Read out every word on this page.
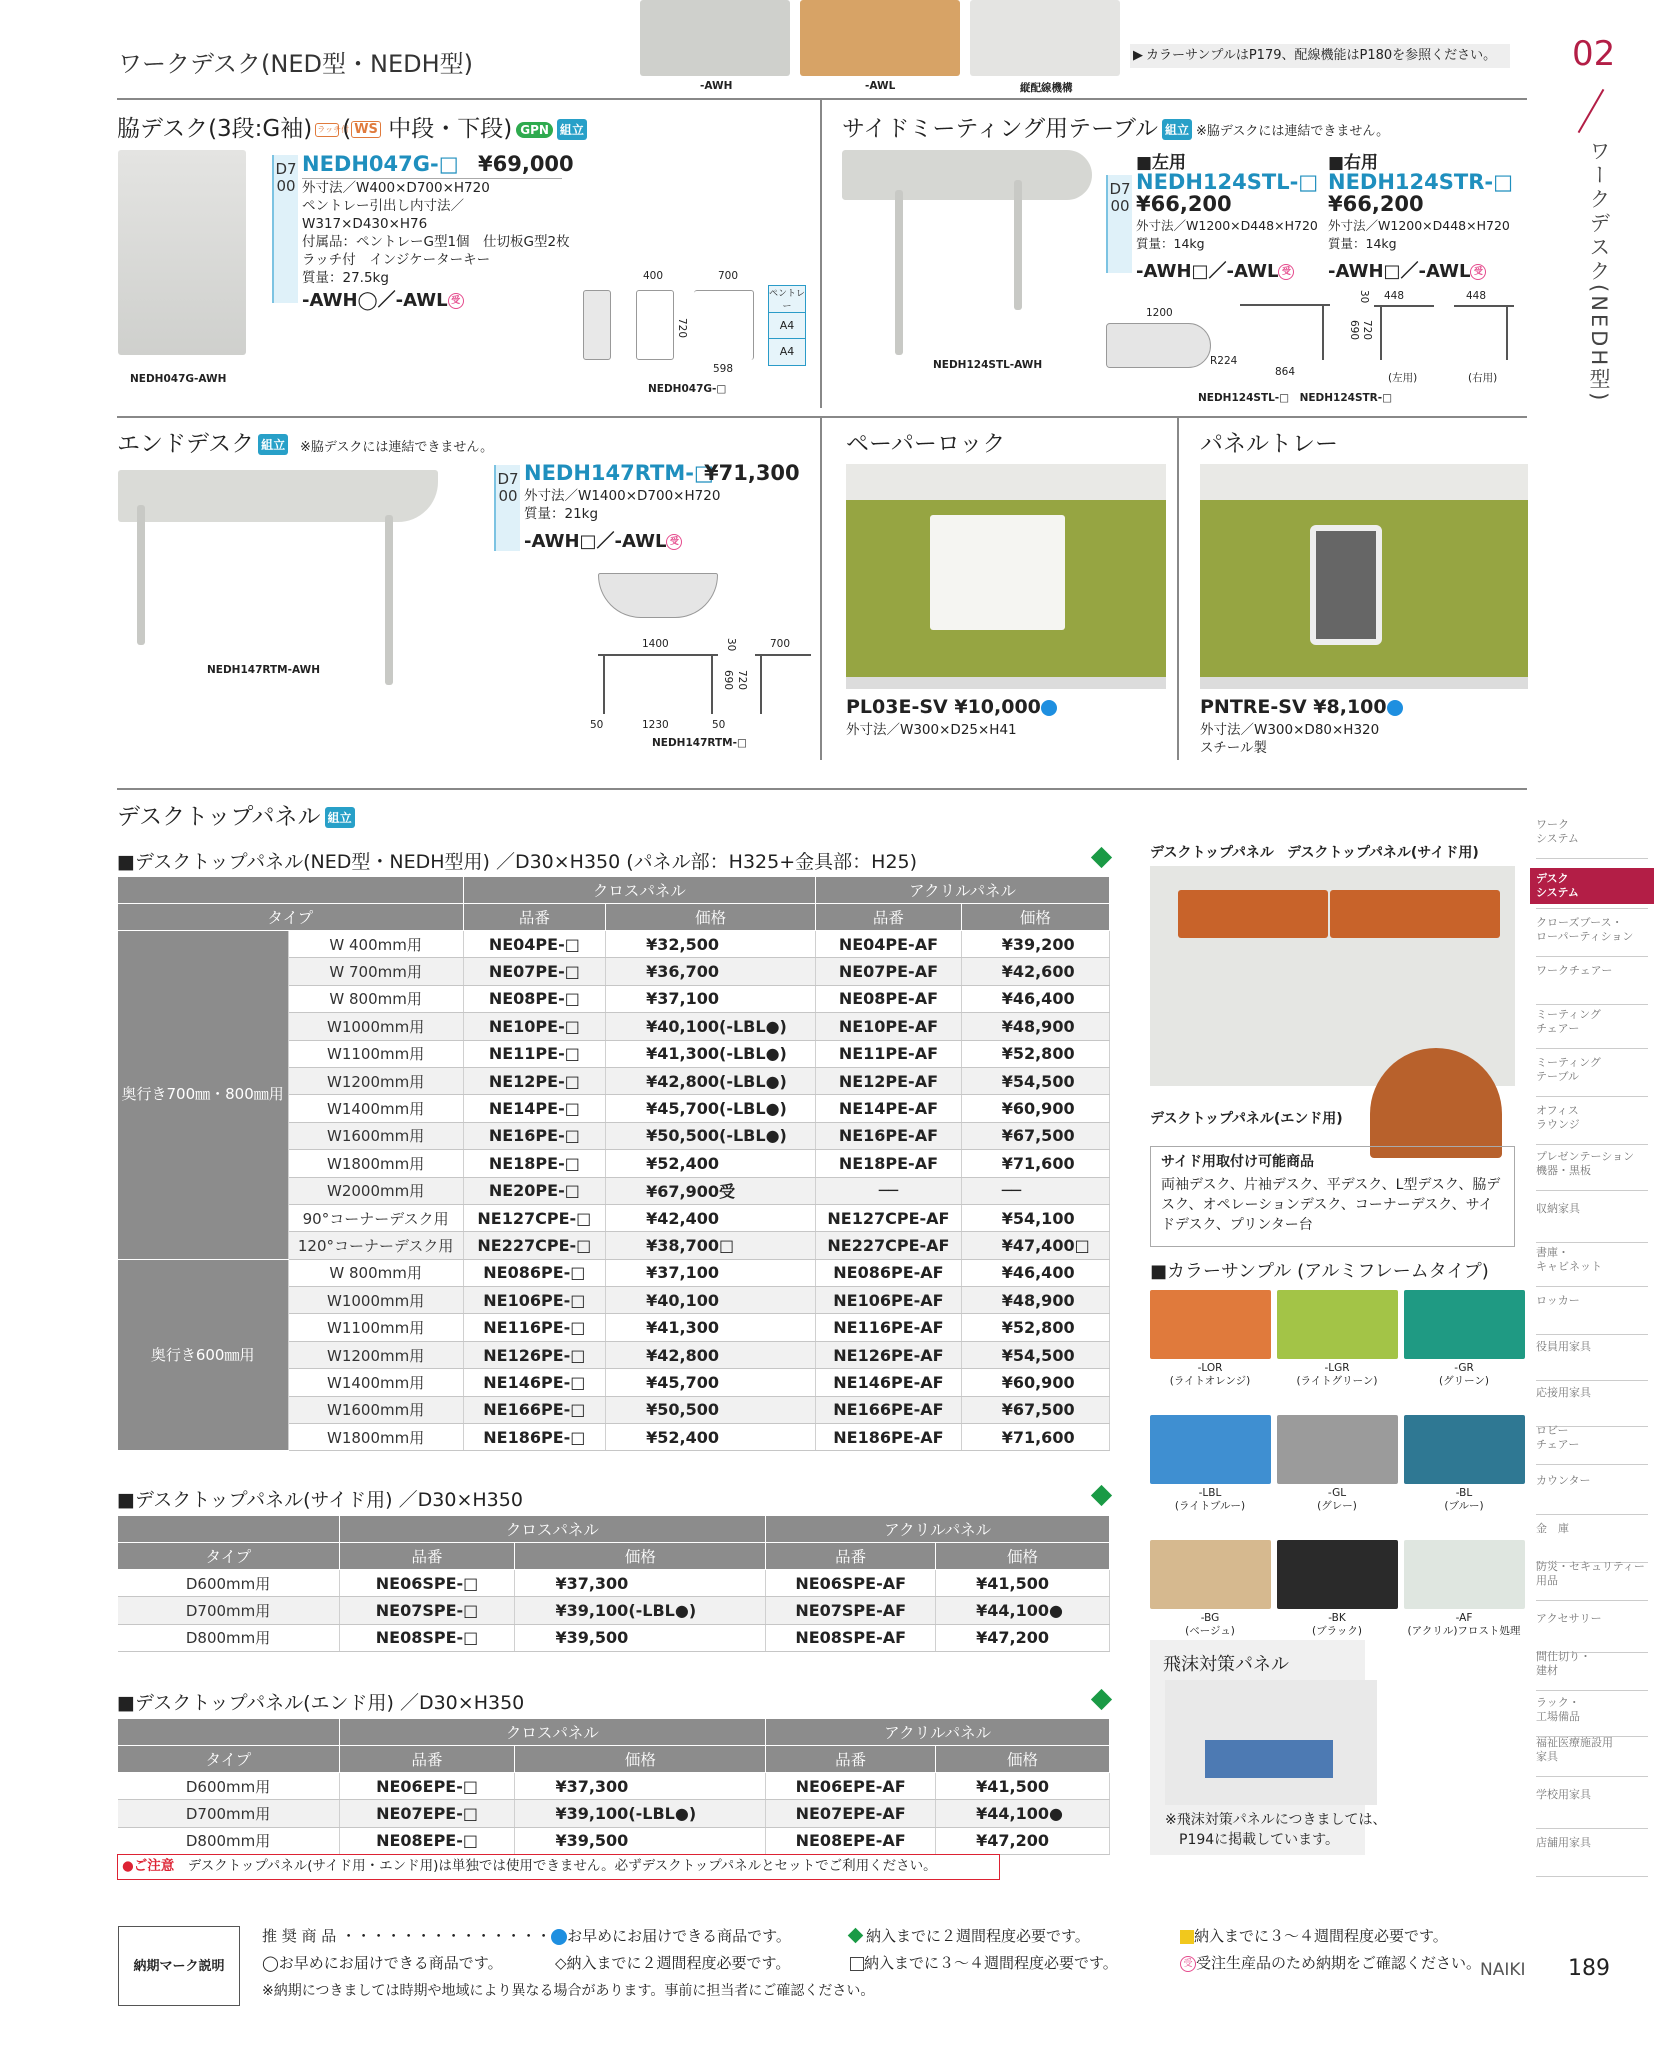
ワークデスク(NED型・NEDH型)
-AWH	-AWL	縦配線機構
▶ カラーサンプルはP179、配線機能はP180を参照ください。	02
ワークデスク(NEDH型)
脇デスク(3段:G袖) ラッチ付( WS 中段・下段) GPN 組立
NEDH047G-AWH
D700
NEDH047G-□ ¥69,000
外寸法／W400×D700×H720
ペントレー引出し内寸法／
W317×D430×H76
付属品：ペントレーG型1個　仕切板G型2枚
ラッチ付　インジケーターキー
質量：27.5kg
-AWH◯／-AWL 受
400	700
720
598
ペントレー
A4
A4
NEDH047G-□
サイドミーティング用テーブル 組立 ※脇デスクには連結できません。
NEDH124STL-AWH
D700
■左用	■右用
NEDH124STL-□ NEDH124STR-□
¥66,200	¥66,200
外寸法／W1200×D448×H720
質量：14kg
外寸法／W1200×D448×H720
質量：14kg
-AWH□／-AWL 受 -AWH□／-AWL 受
1200
R224
864
448	448
30
690 720
(左用)	(右用)
NEDH124STL-□　NEDH124STR-□
エンドデスク 組立 ※脇デスクには連結できません。
NEDH147RTM-AWH
D700
NEDH147RTM-□
¥71,300
外寸法／W1400×D700×H720
質量：21kg
-AWH□／-AWL 受
1400	700
30
690 720
50	1230	50
NEDH147RTM-□
ペーパーロック
PL03E-SV ¥10,000
外寸法／W300×D25×H41
パネルトレー
PNTRE-SV ¥8,100
外寸法／W300×D80×H320
スチール製
デスクトップパネル 組立
■デスクトップパネル(NED型・NEDH型用) ／D30×H350 (パネル部：H325+金具部：H25)
		クロスパネル		アクリルパネル	
タイプ		品番	価格	品番	価格
奥行き700㎜・800㎜用	W 400mm用	NE04PE-□	¥32,500	NE04PE-AF	¥39,200
	W 700mm用	NE07PE-□	¥36,700	NE07PE-AF	¥42,600
	W 800mm用	NE08PE-□	¥37,100	NE08PE-AF	¥46,400
	W1000mm用	NE10PE-□	¥40,100(-LBL●)	NE10PE-AF	¥48,900
	W1100mm用	NE11PE-□	¥41,300(-LBL●)	NE11PE-AF	¥52,800
	W1200mm用	NE12PE-□	¥42,800(-LBL●)	NE12PE-AF	¥54,500
	W1400mm用	NE14PE-□	¥45,700(-LBL●)	NE14PE-AF	¥60,900
	W1600mm用	NE16PE-□	¥50,500(-LBL●)	NE16PE-AF	¥67,500
	W1800mm用	NE18PE-□	¥52,400	NE18PE-AF	¥71,600
	W2000mm用	NE20PE-□	¥67,900受	──	──
	90°コーナーデスク用	NE127CPE-□	¥42,400	NE127CPE-AF	¥54,100
	120°コーナーデスク用	NE227CPE-□	¥38,700□	NE227CPE-AF	¥47,400□
奥行き600㎜用	W 800mm用	NE086PE-□	¥37,100	NE086PE-AF	¥46,400
	W1000mm用	NE106PE-□	¥40,100	NE106PE-AF	¥48,900
	W1100mm用	NE116PE-□	¥41,300	NE116PE-AF	¥52,800
	W1200mm用	NE126PE-□	¥42,800	NE126PE-AF	¥54,500
	W1400mm用	NE146PE-□	¥45,700	NE146PE-AF	¥60,900
	W1600mm用	NE166PE-□	¥50,500	NE166PE-AF	¥67,500
	W1800mm用	NE186PE-□	¥52,400	NE186PE-AF	¥71,600
■デスクトップパネル(サイド用) ／D30×H350
	クロスパネル		アクリルパネル	
タイプ	品番	価格	品番	価格
D600mm用	NE06SPE-□	¥37,300	NE06SPE-AF	¥41,500
D700mm用	NE07SPE-□	¥39,100(-LBL●)	NE07SPE-AF	¥44,100●
D800mm用	NE08SPE-□	¥39,500	NE08SPE-AF	¥47,200
■デスクトップパネル(エンド用) ／D30×H350
	クロスパネル		アクリルパネル	
タイプ	品番	価格	品番	価格
D600mm用	NE06EPE-□	¥37,300	NE06EPE-AF	¥41,500
D700mm用	NE07EPE-□	¥39,100(-LBL●)	NE07EPE-AF	¥44,100●
D800mm用	NE08EPE-□	¥39,500	NE08EPE-AF	¥47,200
●ご注意　 デスクトップパネル(サイド用・エンド用)は単独では使用できません。必ずデスクトップパネルとセットでご利用ください。
デスクトップパネル デスクトップパネル(サイド用)
デスクトップパネル(エンド用)
サイド用取付け可能商品
両袖デスク、片袖デスク、平デスク、L型デスク、脇デスク、オペレーションデスク、コーナーデスク、サイドデスク、プリンター台
■カラーサンプル (アルミフレームタイプ)
-LOR
(ライトオレンジ)
-LGR
(ライトグリーン)
-GR
(グリーン)
-LBL
(ライトブルー)
-GL
(グレー)
-BL
(ブルー)
-BG
(ベージュ)
-BK
(ブラック)
-AF
(アクリル)フロスト処理
飛沫対策パネル
※飛沫対策パネルにつきましては、
　P194に掲載しています。
ワーク
システム
デスク
システム
クローズブース・
ローパーティション
ワークチェアー
ミーティング
チェアー
ミーティング
テーブル
オフィス
ラウンジ
プレゼンテーション
機器・黒板
収納家具
書庫・
キャビネット
ロッカー
役員用家具
応接用家具
ロビー
チェアー
カウンター
金　庫
防災・セキュリティー
用品
アクセサリー
間仕切り・
建材
ラック・
工場備品
福祉医療施設用
家具
学校用家具
店舗用家具
納期マーク説明
推 奨 商 品 ・・・・・・・・・・・・・・ お早めにお届けできる商品です。	納入までに２週間程度必要です。	納入までに３～４週間程度必要です。
◯お早めにお届けできる商品です。	◇納入までに２週間程度必要です。	納入までに３～４週間程度必要です。	受 受注生産品のため納期をご確認ください。
※納期につきましては時期や地域により異なる場合があります。事前に担当者にご確認ください。
NAIKI 189
